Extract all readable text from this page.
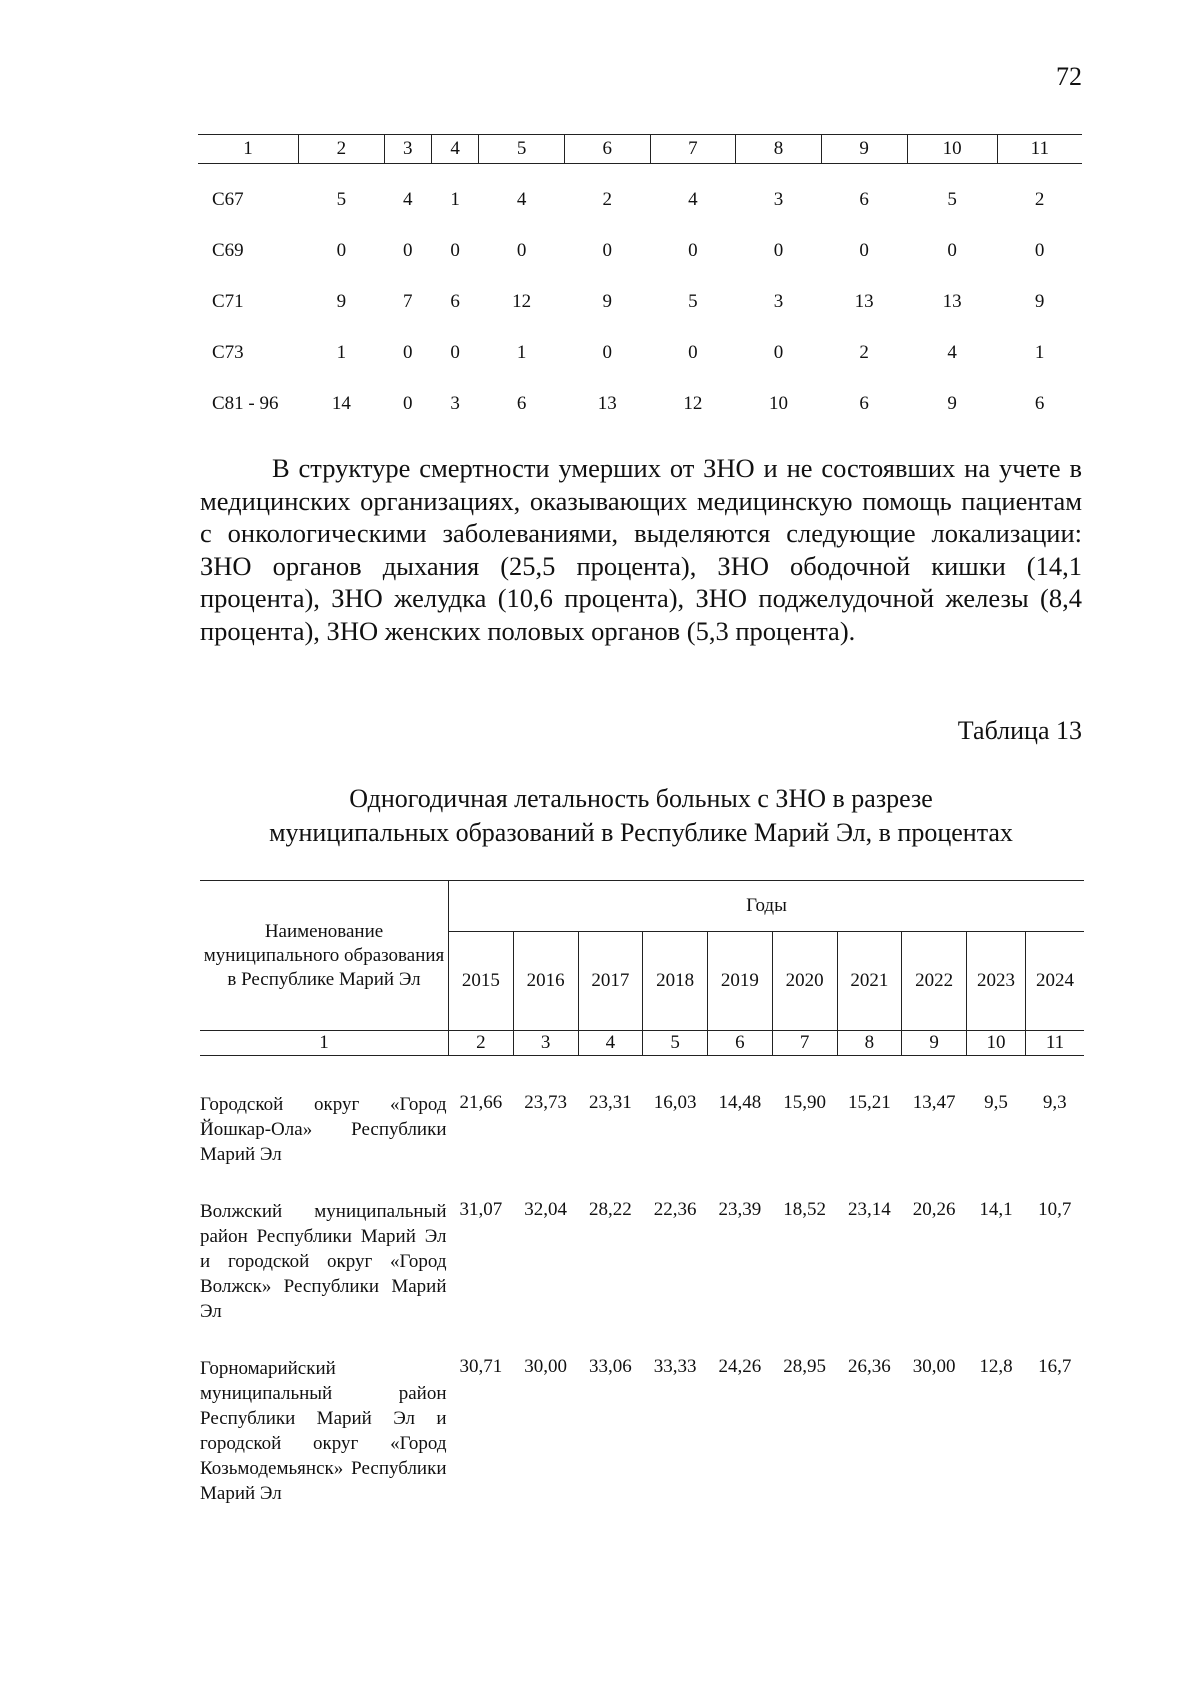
72
1	2	3	4	5	6	7	8	9	10	11

С67	5	4	1	4	2	4	3	6	5	2
С69	0	0	0	0	0	0	0	0	0	0
С71	9	7	6	12	9	5	3	13	13	9
С73	1	0	0	1	0	0	0	2	4	1
С81 - 96	14	0	3	6	13	12	10	6	9	6

В структуре смертности умерших от ЗНО и не состоявших на учете в медицинских организациях, оказывающих медицинскую помощь пациентам с онкологическими заболеваниями, выделяются следующие локализации: ЗНО органов дыхания (25,5 процента), ЗНО ободочной кишки (14,1 процента), ЗНО желудка (10,6 процента), ЗНО поджелудочной железы (8,4 процента), ЗНО женских половых органов (5,3 процента).

Таблица 13
Одногодичная летальность больных с ЗНО в разрезе
муниципальных образований в Республике Марий Эл, в процентах
Наименование муниципального образования в Республике Марий Эл	Годы									
	2015	2016	2017	2018	2019	2020	2021	2022	2023	2024
1	2	3	4	5	6	7	8	9	10	11

Городской округ «Город Йошкар-Ола» Республики Марий Эл	21,66	23,73	23,31	16,03	14,48	15,90	15,21	13,47	9,5	9,3

Волжский муниципальный район Республики Марий Эл и городской округ «Город Волжск» Республики Марий Эл	31,07	32,04	28,22	22,36	23,39	18,52	23,14	20,26	14,1	10,7

Горномарийский муниципальный район Республики Марий Эл и городской округ «Город Козьмодемьянск» Республики Марий Эл	30,71	30,00	33,06	33,33	24,26	28,95	26,36	30,00	12,8	16,7
